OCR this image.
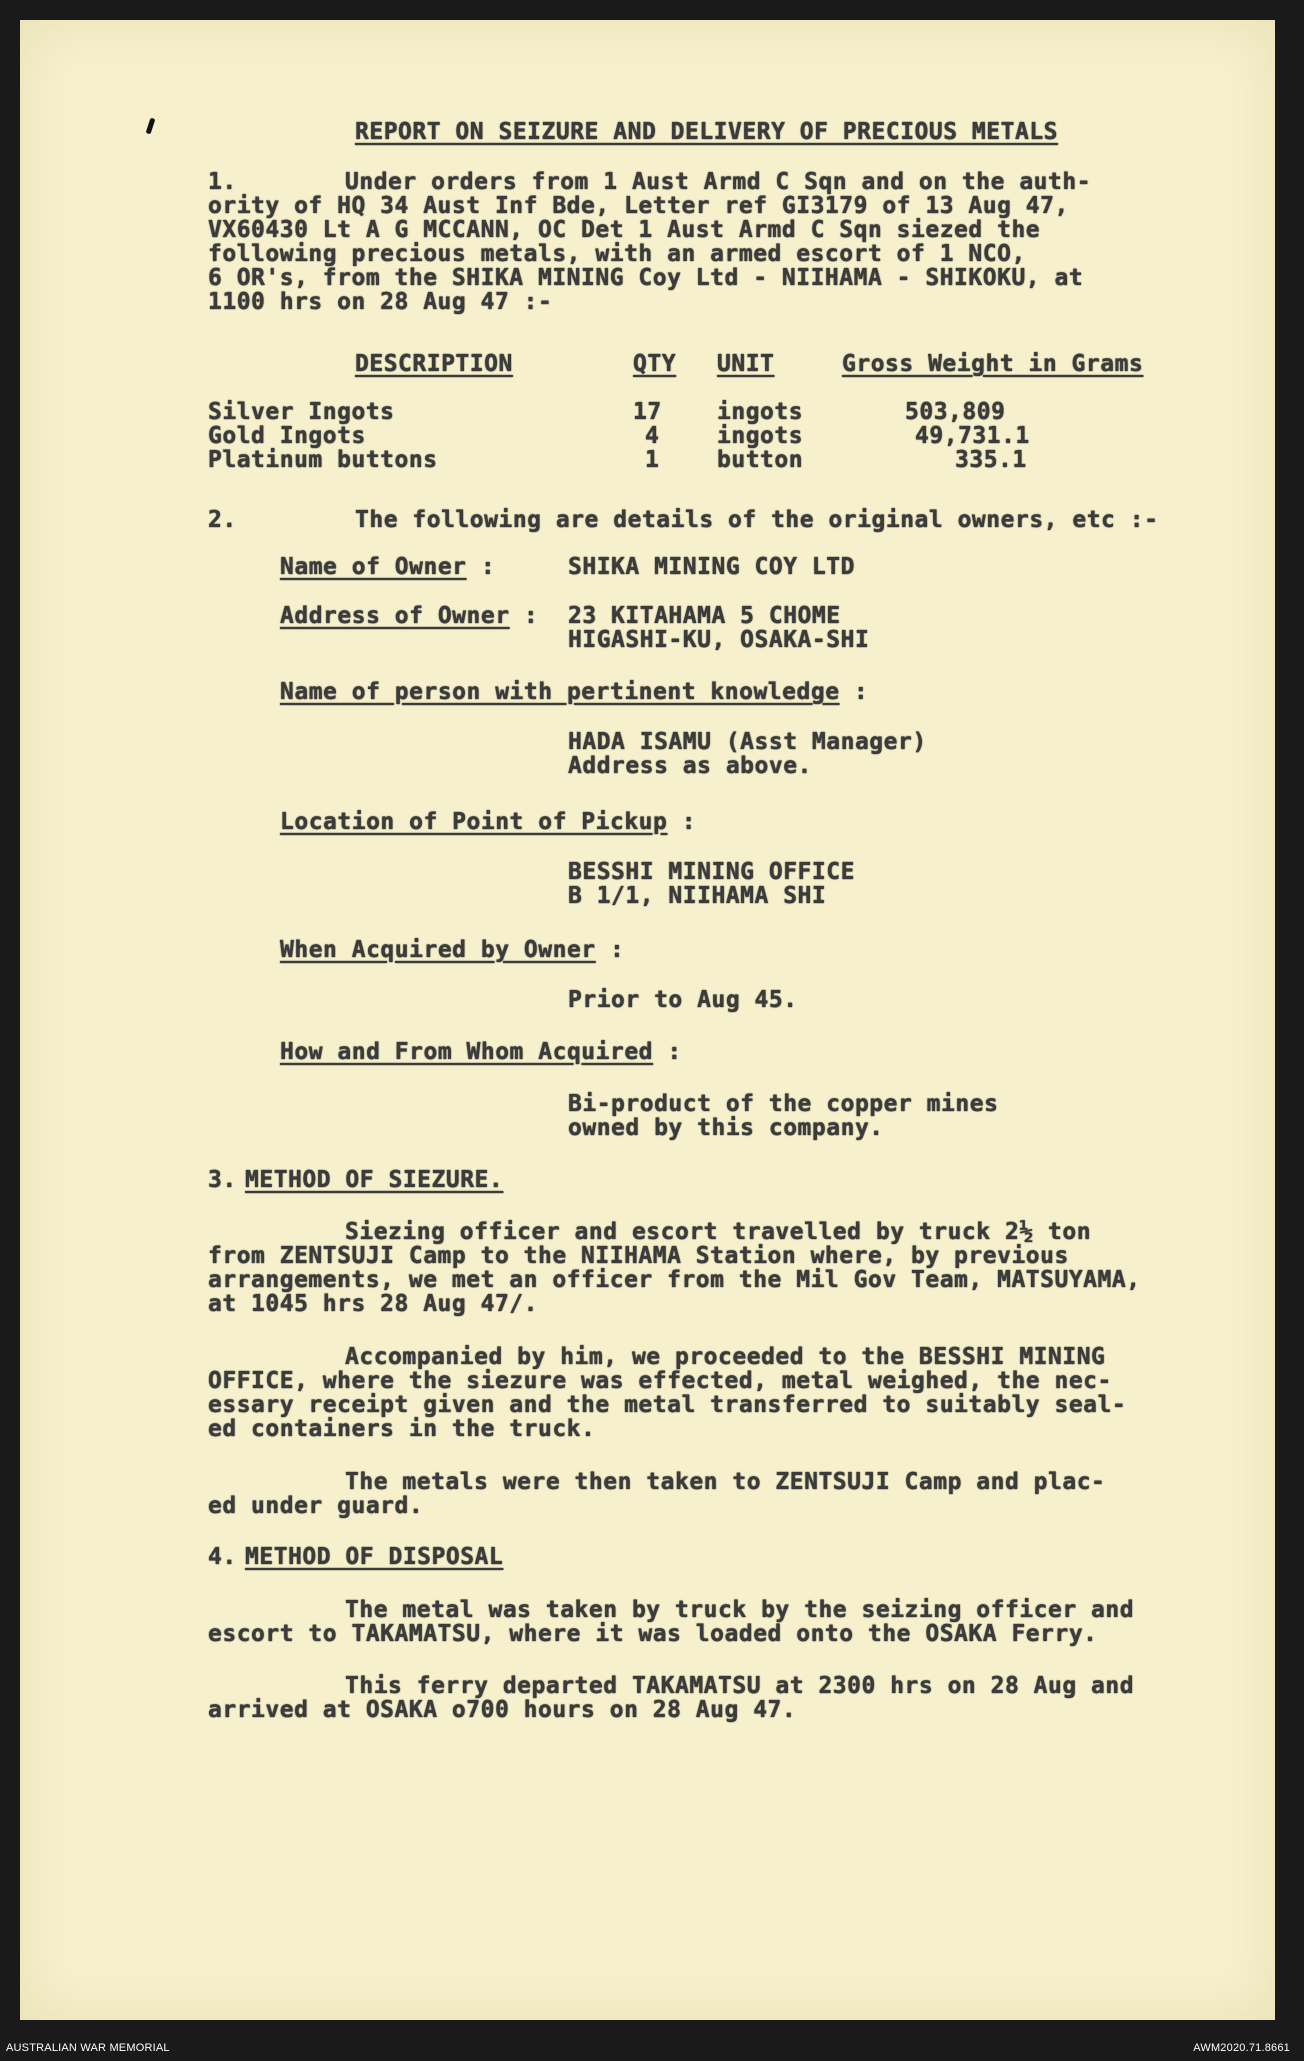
REPORT ON SEIZURE AND DELIVERY OF PRECIOUS METALS
1.	Under orders from 1 Aust Armd C Sqn and on the auth-
ority of HQ 34 Aust Inf Bde, Letter ref GI3179 of 13 Aug 47,
VX60430 Lt A G MCCANN, OC Det 1 Aust Armd C Sqn siezed the
following precious metals, with an armed escort of 1 NCO,
6 OR's, from the SHIKA MINING Coy Ltd - NIIHAMA - SHIKOKU, at
1100 hrs on 28 Aug 47 :-
DESCRIPTION	QTY UNIT	Gross Weight in Grams
Silver Ingots	17 ingots	503,809
Gold Ingots	4	ingots	49,731.1
Platinum buttons	1	button	335.1
2.	The following are details of the original owners, etc :-
Name of Owner :	SHIKA MINING COY LTD
Address of Owner : 23 KITAHAMA 5 CHOME
HIGASHI-KU, OSAKA-SHI
Name of person with pertinent knowledge :
HADA ISAMU (Asst Manager)
Address as above.
Location of Point of Pickup :
BESSHI MINING OFFICE
B 1/1, NIIHAMA SHI
When Acquired by Owner :
Prior to Aug 45.
How and From Whom Acquired :
Bi-product of the copper mines
owned by this company.
3. METHOD OF SIEZURE.
Siezing officer and escort travelled by truck 2½ ton
from ZENTSUJI Camp to the NIIHAMA Station where, by previous
arrangements, we met an officer from the Mil Gov Team, MATSUYAMA,
at 1045 hrs 28 Aug 47/.
Accompanied by him, we proceeded to the BESSHI MINING
OFFICE, where the siezure was effected, metal weighed, the nec-
essary receipt given and the metal transferred to suitably seal-
ed containers in the truck.
The metals were then taken to ZENTSUJI Camp and plac-
ed under guard.
4. METHOD OF DISPOSAL
The metal was taken by truck by the seizing officer and
escort to TAKAMATSU, where it was loaded onto the OSAKA Ferry.
This ferry departed TAKAMATSU at 2300 hrs on 28 Aug and
arrived at OSAKA o700 hours on 28 Aug 47.
AUSTRALIAN WAR MEMORIAL	AWM2020.71.8661
